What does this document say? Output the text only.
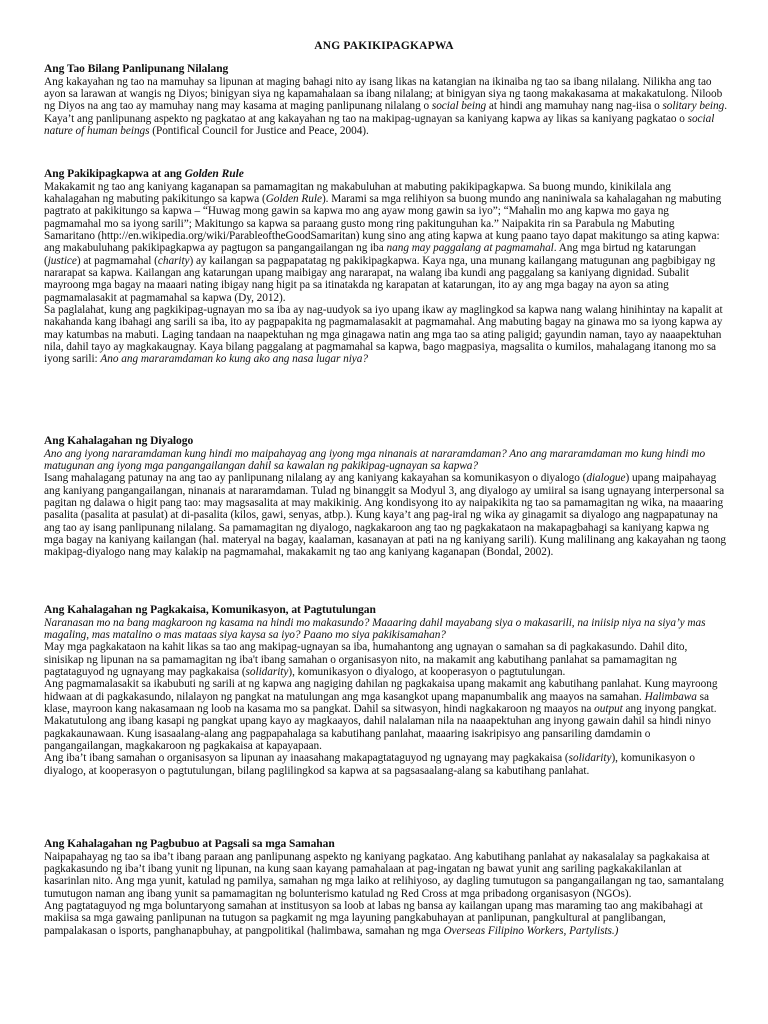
ANG PAKIKIPAGKAPWA
Ang Tao Bilang Panlipunang Nilalang

Ang kakayahan ng tao na mamuhay sa lipunan at maging bahagi nito ay isang likas na katangian na ikinaiba ng tao sa ibang nilalang. Nilikha ang tao ayon sa larawan at wangis ng Diyos; binigyan siya ng kapamahalaan sa ibang nilalang; at binigyan siya ng taong makakasama at makakatulong. Niloob ng Diyos na ang tao ay mamuhay nang may kasama at maging panlipunang nilalang o social being at hindi ang mamuhay nang nag-iisa o solitary being. Kaya’t ang panlipunang aspekto ng pagkatao at ang kakayahan ng tao na makipag-ugnayan sa kaniyang kapwa ay likas sa kaniyang pagkatao o social nature of human beings (Pontifical Council for Justice and Peace, 2004).

Ang Pakikipagkapwa at ang Golden Rule

Makakamit ng tao ang kaniyang kaganapan sa pamamagitan ng makabuluhan at mabuting pakikipagkapwa. Sa buong mundo, kinikilala ang kahalagahan ng mabuting pakikitungo sa kapwa (Golden Rule). Marami sa mga relihiyon sa buong mundo ang naniniwala sa kahalagahan ng mabuting pagtrato at pakikitungo sa kapwa – “Huwag mong gawin sa kapwa mo ang ayaw mong gawin sa iyo”; “Mahalin mo ang kapwa mo gaya ng pagmamahal mo sa iyong sarili”; Makitungo sa kapwa sa paraang gusto mong ring pakitunguhan ka.” Naipakita rin sa Parabula ng Mabuting Samaritano (http://en.wikipedia.org/wiki/ParableoftheGoodSamaritan) kung sino ang ating kapwa at kung paano tayo dapat makitungo sa ating kapwa: ang makabuluhang pakikipagkapwa ay pagtugon sa pangangailangan ng iba nang may paggalang at pagmamahal. Ang mga birtud ng katarungan (justice) at pagmamahal (charity) ay kailangan sa pagpapatatag ng pakikipagkapwa. Kaya nga, una munang kailangang matugunan ang pagbibigay ng nararapat sa kapwa. Kailangan ang katarungan upang maibigay ang nararapat, na walang iba kundi ang paggalang sa kaniyang dignidad. Subalit mayroong mga bagay na maaari nating ibigay nang higit pa sa itinatakda ng karapatan at katarungan, ito ay ang mga bagay na ayon sa ating pagmamalasakit at pagmamahal sa kapwa (Dy, 2012).

Sa paglalahat, kung ang pagkikipag-ugnayan mo sa iba ay nag-uudyok sa iyo upang ikaw ay maglingkod sa kapwa nang walang hinihintay na kapalit at nakahanda kang ibahagi ang sarili sa iba, ito ay pagpapakita ng pagmamalasakit at pagmamahal. Ang mabuting bagay na ginawa mo sa iyong kapwa ay may katumbas na mabuti. Laging tandaan na naapektuhan ng mga ginagawa natin ang mga tao sa ating paligid; gayundin naman, tayo ay naaapektuhan nila, dahil tayo ay magkakaugnay. Kaya bilang paggalang at pagmamahal sa kapwa, bago magpasiya, magsalita o kumilos, mahalagang itanong mo sa iyong sarili: Ano ang mararamdaman ko kung ako ang nasa lugar niya?

Ang Kahalagahan ng Diyalogo

Ano ang iyong nararamdaman kung hindi mo maipahayag ang iyong mga ninanais at nararamdaman? Ano ang mararamdaman mo kung hindi mo matugunan ang iyong mga pangangailangan dahil sa kawalan ng pakikipag-ugnayan sa kapwa?

Isang mahalagang patunay na ang tao ay panlipunang nilalang ay ang kaniyang kakayahan sa komunikasyon o diyalogo (dialogue) upang maipahayag ang kaniyang pangangailangan, ninanais at nararamdaman. Tulad ng binanggit sa Modyul 3, ang diyalogo ay umiiral sa isang ugnayang interpersonal sa pagitan ng dalawa o higit pang tao: may magsasalita at may makikinig. Ang kondisyong ito ay naipakikita ng tao sa pamamagitan ng wika, na maaaring pasalita (pasalita at pasulat) at di-pasalita (kilos, gawi, senyas, atbp.). Kung kaya’t ang pag-iral ng wika ay ginagamit sa diyalogo ang nagpapatunay na ang tao ay isang panlipunang nilalang. Sa pamamagitan ng diyalogo, nagkakaroon ang tao ng pagkakataon na makapagbahagi sa kaniyang kapwa ng mga bagay na kaniyang kailangan (hal. materyal na bagay, kaalaman, kasanayan at pati na ng kaniyang sarili). Kung malilinang ang kakayahan ng taong makipag-diyalogo nang may kalakip na pagmamahal, makakamit ng tao ang kaniyang kaganapan (Bondal, 2002).

Ang Kahalagahan ng Pagkakaisa, Komunikasyon, at Pagtutulungan

Naranasan mo na bang magkaroon ng kasama na hindi mo makasundo? Maaaring dahil mayabang siya o makasarili, na iniisip niya na siya’y mas magaling, mas matalino o mas mataas siya kaysa sa iyo? Paano mo siya pakikisamahan?

May mga pagkakataon na kahit likas sa tao ang makipag-ugnayan sa iba, humahantong ang ugnayan o samahan sa di pagkakasundo. Dahil dito, sinisikap ng lipunan na sa pamamagitan ng iba't ibang samahan o organisasyon nito, na makamit ang kabutihang panlahat sa pamamagitan ng pagtataguyod ng ugnayang may pagkakaisa (solidarity), komunikasyon o diyalogo, at kooperasyon o pagtutulungan.

Ang pagmamalasakit sa ikabubuti ng sarili at ng kapwa ang nagiging dahilan ng pagkakaisa upang makamit ang kabutihang panlahat. Kung mayroong hidwaan at di pagkakasundo, nilalayon ng pangkat na matulungan ang mga kasangkot upang mapanumbalik ang maayos na samahan. Halimbawa sa klase, mayroon kang nakasamaan ng loob na kasama mo sa pangkat. Dahil sa sitwasyon, hindi nagkakaroon ng maayos na output ang inyong pangkat. Makatutulong ang ibang kasapi ng pangkat upang kayo ay magkaayos, dahil nalalaman nila na naaapektuhan ang inyong gawain dahil sa hindi ninyo pagkakaunawaan. Kung isasaalang-alang ang pagpapahalaga sa kabutihang panlahat, maaaring isakripisyo ang pansariling damdamin o pangangailangan, magkakaroon ng pagkakaisa at kapayapaan.

Ang iba’t ibang samahan o organisasyon sa lipunan ay inaasahang makapagtataguyod ng ugnayang may pagkakaisa (solidarity), komunikasyon o diyalogo, at kooperasyon o pagtutulungan, bilang paglilingkod sa kapwa at sa pagsasaalang-alang sa kabutihang panlahat.

Ang Kahalagahan ng Pagbubuo at Pagsali sa mga Samahan

Naipapahayag ng tao sa iba’t ibang paraan ang panlipunang aspekto ng kaniyang pagkatao. Ang kabutihang panlahat ay nakasalalay sa pagkakaisa at pagkakasundo ng iba’t ibang yunit ng lipunan, na kung saan kayang pamahalaan at pag-ingatan ng bawat yunit ang sariling pagkakakilanlan at kasarinlan nito. Ang mga yunit, katulad ng pamilya, samahan ng mga laiko at relihiyoso, ay dagling tumutugon sa pangangailangan ng tao, samantalang tumutugon naman ang ibang yunit sa pamamagitan ng bolunterismo katulad ng Red Cross at mga pribadong organisasyon (NGOs).

Ang pagtataguyod ng mga boluntaryong samahan at institusyon sa loob at labas ng bansa ay kailangan upang mas maraming tao ang makibahagi at makiisa sa mga gawaing panlipunan na tutugon sa pagkamit ng mga layuning pangkabuhayan at panlipunan, pangkultural at panglibangan, pampalakasan o isports, panghanapbuhay, at pangpolitikal (halimbawa, samahan ng mga Overseas Filipino Workers, Partylists.)
